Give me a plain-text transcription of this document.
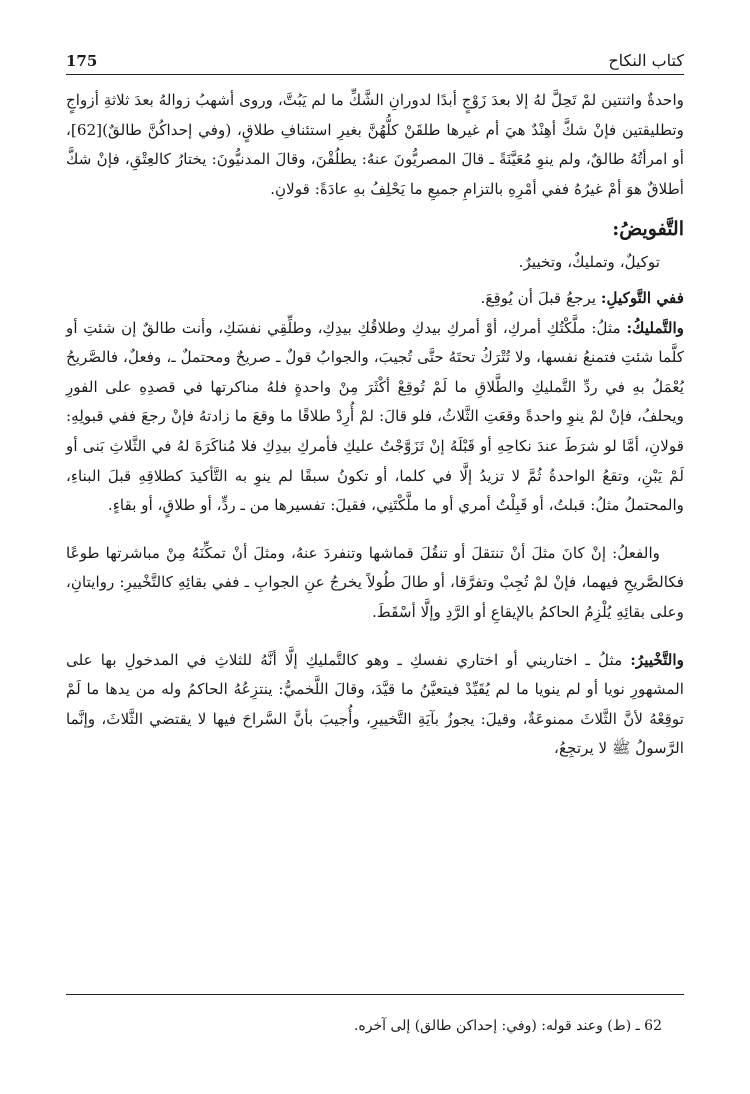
كتاب النكاح
175

واحدةٌ واثنتين لمْ تَحِلَّ لهُ إلا بعدَ زَوْجٍ أبدًا لدورانِ الشَّكِّ ما لم يَبُتَّ، وروى أشهبُ زوالهُ بعدَ ثلاثةِ أزواجٍ وتطليقتين فإنْ شكَّ أهِنْدٌ هيَ أم غيرها طلقَنْ كلُّهُنَّ بغيرِ استئنافِ طلاقٍ، (وفي إحداكُنَّ طالقٌ)[62]، أو امرأتُهُ طالقٌ، ولم ينوِ مُعَيَّنَةً ـ قالَ المصريُّونَ عنهُ: يطلُقْنَ، وقالَ المدنيُّونَ: يختارُ كالعِتْقِ، فإنْ شكَّ أطلاقٌ هوَ أمْ غيرُهُ ففي أمْرِهِ بالتزامِ جميعِ ما يَحْلِفُ بهِ عادَةً: قولانِ.

التَّفويضُ:

توكيلٌ، وتمليكٌ، وتخييرٌ.

ففي التَّوكيلِ: يرجعُ قبلَ أن يُوقِعَ.

والتَّمليكُ: مثلُ: ملَّكْتُكِ أمركِ، أوْ أمركِ بيدكِ وطلاقُكِ بيدِكِ، وطلِّقِي نفسَكِ، وأنت طالقٌ إن شئتِ أو كلَّما شئتِ فتمنعُ نفسها، ولا تُتْرَكُ تحتَهُ حتَّى تُجيبَ، والجوابُ قولٌ ـ صريحٌ ومحتملٌ ـ، وفعلٌ، فالصَّريحُ يُعْمَلُ بهِ في ردِّ التَّمليكِ والطَّلاقِ ما لَمْ تُوقِعْ أكْثَرَ مِنْ واحدةٍ فلهُ مناكرتها في قصدِهِ على الفورِ ويحلفُ، فإنْ لمْ ينوِ واحدةً وقعَتِ الثَّلاثُ، فلو قالَ: لمْ أُرِدْ طلاقًا ما وقعَ ما زادتهُ فإنْ رجعَ ففي قبولِهِ: قولانِ، أمَّا لو شرَطَ عندَ نكاحِهِ أو قَبْلَهُ إنْ تَزَوَّجْتُ عليكِ فأمركِ بيدِكِ فلا مُناكَرَةَ لهُ في الثَّلاثِ بَنى أو لَمْ يَبْنِ، وتقعُ الواحدةُ ثُمَّ لا تزيدُ إلَّا في كلما، أو تكونُ سبقًا لم ينوِ به التَّأكيدَ كطلاقِهِ قبلَ البناءِ، والمحتملُ مثلُ: قبلتُ، أو قَبِلْتُ أمري أو ما ملَّكْتَنِي، فقيلَ: تفسيرها من ـ ردٍّ، أو طلاقٍ، أو بقاءٍ.

والفعلُ: إنْ كانَ مثلَ أنْ تنتقلَ أو تنقُلَ قماشها وتنفردَ عنهُ، ومثلَ أنْ تمكِّنَهُ مِنْ مباشرتها طوعًا فكالصَّريحِ فيهما، فإنْ لمْ تُجِبْ وتفرَّقا، أو طالَ طُولاً يخرجُ عنِ الجوابِ ـ ففي بقائِهِ كالتَّخْييرِ: روايتانِ، وعلى بقائِهِ يُلْزِمُ الحاكمُ بالإيقاعِ أو الرَّدِ وإلَّا أسْقَطَ.

والتَّخْييرُ: مثلُ ـ اختاريني أو اختاري نفسكِ ـ وهو كالتَّمليكِ إلَّا أنَّهُ للثلاثِ في المدخولِ بها على المشهورِ نويا أو لم ينويا ما لم يُقَيِّدْ فيتعيَّنُ ما قيَّدَ، وقالَ اللَّخميُّ: ينتزِعُهُ الحاكمُ وله من يدها ما لَمْ توقِعْهُ لأنَّ الثَّلاثَ ممنوعَةٌ، وقيلَ: يجوزُ بآيَةِ التَّخييرِ، وأُجيبَ بأنَّ السَّراحَ فيها لا يقتضي الثَّلاثَ، وإنَّما الرَّسولُ ﷺ لا يرتجِعُ،

62 ـ (ط) وعند قوله: (وفي: إحداكن طالق) إلى آخره.
